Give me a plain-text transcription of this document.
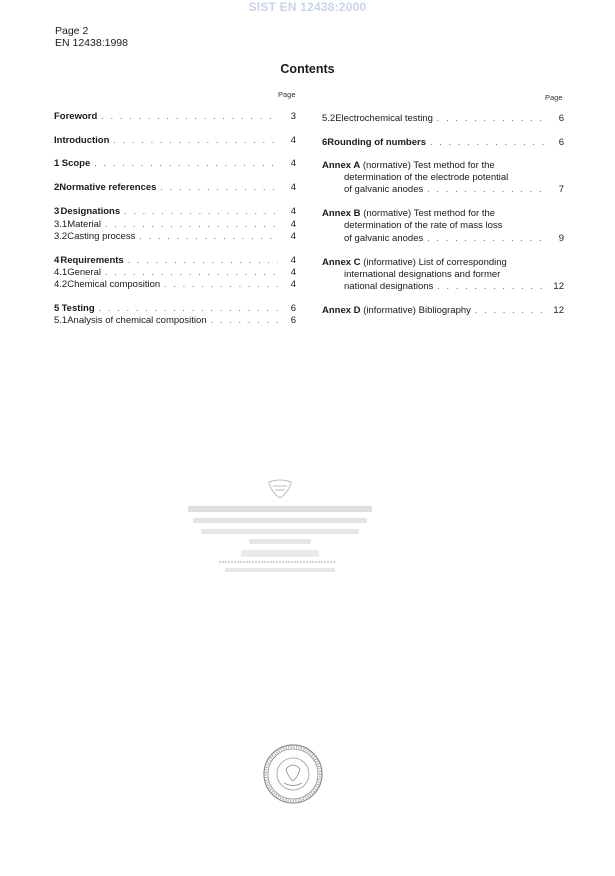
SIST EN 12438:2000
Page 2
EN 12438:1998
Contents
Page	Page
Foreword . . .	3
Introduction . . .	4
1 Scope . . .	4
2 Normative references . . .	4
3 Designations . . .	4
3.1 Material . . .	4
3.2 Casting process . . .	4
4 Requirements . . .	4
4.1 General . . .	4
4.2 Chemical composition . . .	4
5 Testing . . .	6
5.1 Analysis of chemical composition . . .	6
5.2 Electrochemical testing . . .	6
6 Rounding of numbers . . .	6
Annex A (normative) Test method for the
determination of the electrode potential
of galvanic anodes . . .	7
Annex B (normative) Test method for the
determination of the rate of mass loss
of galvanic anodes . . .	9
Annex C (informative) List of corresponding
international designations and former
national designations . . .	12
Annex D (informative) Bibliography . . .	12
